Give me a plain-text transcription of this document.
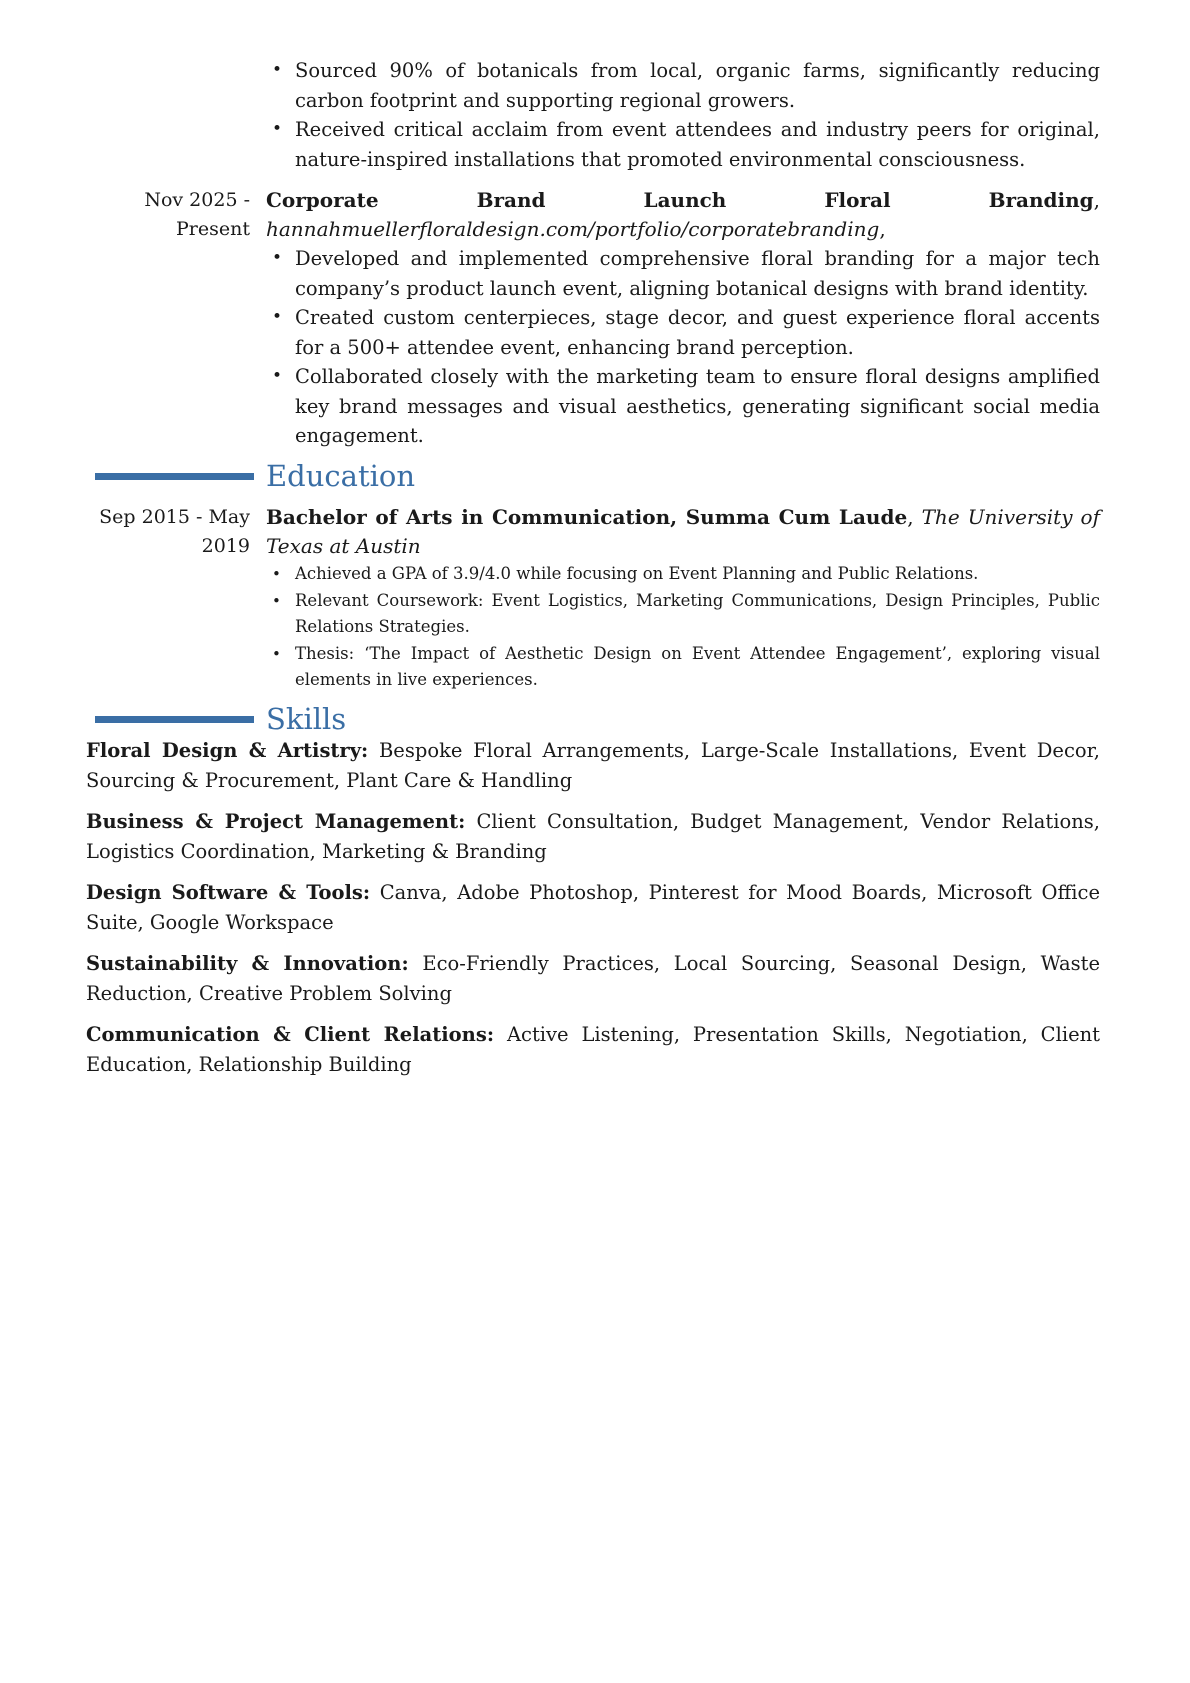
• Sourced 90% of botanicals from local, organic farms, significantly reducing carbon footprint and supporting regional growers.
• Received critical acclaim from event attendees and industry peers for original, nature-inspired installations that promoted environmental consciousness.
Nov 2025 -
Present
Corporate Brand Launch Floral Branding, hannahmuellerfloraldesign.com/portfolio/corporatebranding,
• Developed and implemented comprehensive floral branding for a major tech company’s product launch event, aligning botanical designs with brand identity.
• Created custom centerpieces, stage decor, and guest experience floral accents for a 500+ attendee event, enhancing brand perception.
• Collaborated closely with the marketing team to ensure floral designs amplified key brand messages and visual aesthetics, generating significant social media engagement.
Education
Sep 2015 - May
2019
Bachelor of Arts in Communication, Summa Cum Laude, The University of Texas at Austin
• Achieved a GPA of 3.9/4.0 while focusing on Event Planning and Public Relations.
• Relevant Coursework: Event Logistics, Marketing Communications, Design Principles, Public Relations Strategies.
• Thesis: ‘The Impact of Aesthetic Design on Event Attendee Engagement’, exploring visual elements in live experiences.
Skills
Floral Design & Artistry: Bespoke Floral Arrangements, Large-Scale Installations, Event Decor, Sourcing & Procurement, Plant Care & Handling
Business & Project Management: Client Consultation, Budget Management, Vendor Relations, Logistics Coordination, Marketing & Branding
Design Software & Tools: Canva, Adobe Photoshop, Pinterest for Mood Boards, Microsoft Office Suite, Google Workspace
Sustainability & Innovation: Eco-Friendly Practices, Local Sourcing, Seasonal Design, Waste Reduction, Creative Problem Solving
Communication & Client Relations: Active Listening, Presentation Skills, Negotiation, Client Education, Relationship Building
